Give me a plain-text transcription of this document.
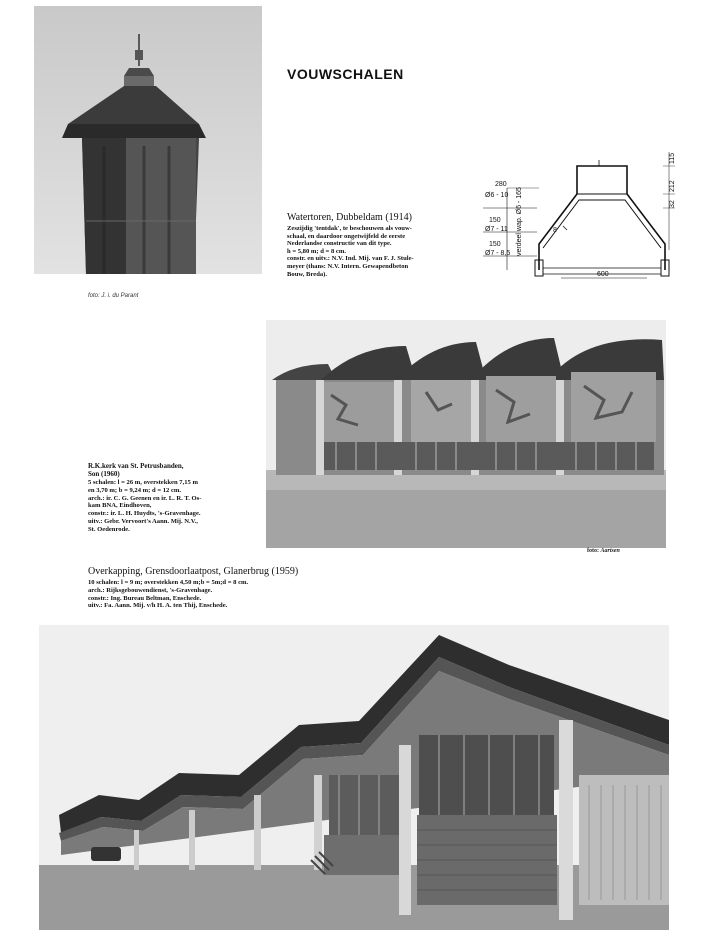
VOUWSCHALEN
Watertoren, Dubbeldam (1914)
Zeszijdig 'tentdak', te beschouwen als vouw-
schaal, en daardoor ongetwijfeld de eerste
Nederlandse constructie van dit type.
h = 5,80 m; d = 8 cm.
constr. en uitv.: N.V. Ind. Mij. van F. J. Stule-
meyer (thans: N.V. Intern. Gewapendbeton
Bouw, Breda).
280
Ø6 - 10
150
Ø7 - 11
150
Ø7 - 8,5 verdeel wap. Ø6 - 165
115
212
32
600
8
foto: J. i. du Parant
R.K.kerk van St. Petrusbanden,
Son (1960)
5 schalen: l = 26 m, overstekken 7,15 m
en 3,70 m; b = 9,24 m; d = 12 cm.
arch.: ir. C. G. Geenen en ir. L. R. T. Os-
kam BNA, Eindhoven,
constr.: ir. L. H. Huydts, 's-Gravenhage.
uitv.: Gebr. Vervoort's Aann. Mij. N.V.,
St. Oedenrode.
foto: Aartsen
Overkapping, Grensdoorlaatpost, Glanerbrug (1959)
10 schalen: l = 9 m; overstekken 4,50 m;b = 5m;d = 8 cm.
arch.: Rijksgebouwendienst, 's-Gravenhage.
constr.: Ing. Bureau Beltman, Enschede.
uitv.: Fa. Aann. Mij. v/h H. A. ten Thij, Enschede.
